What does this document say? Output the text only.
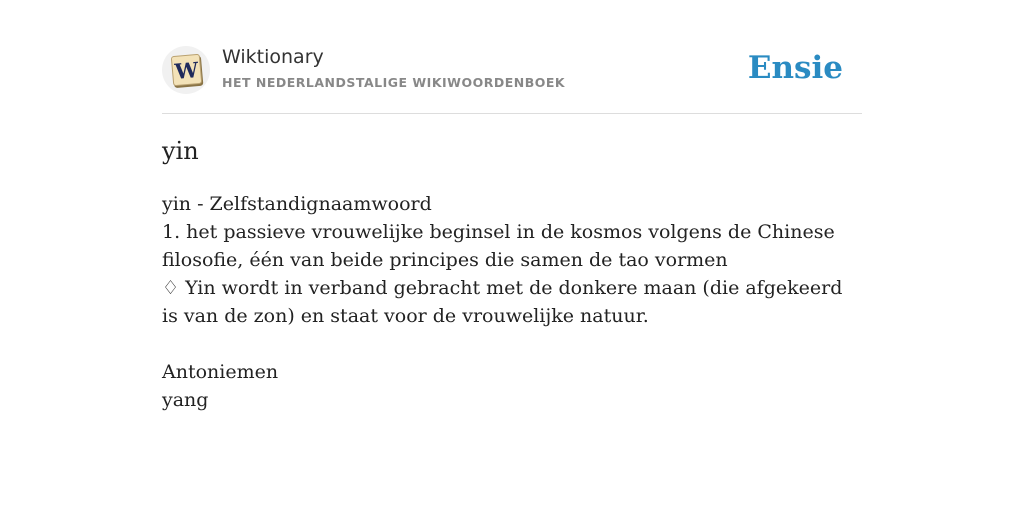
W
Wiktionary
HET NEDERLANDSTALIGE WIKIWOORDENBOEK	Ensie
yin

yin - Zelfstandignaamwoord

1. het passieve vrouwelijke beginsel in de kosmos volgens de Chinese filosofie, één van beide principes die samen de tao vormen

♢ Yin wordt in verband gebracht met de donkere maan (die afgekeerd is van de zon) en staat voor de vrouwelijke natuur.

Antoniemen

yang
